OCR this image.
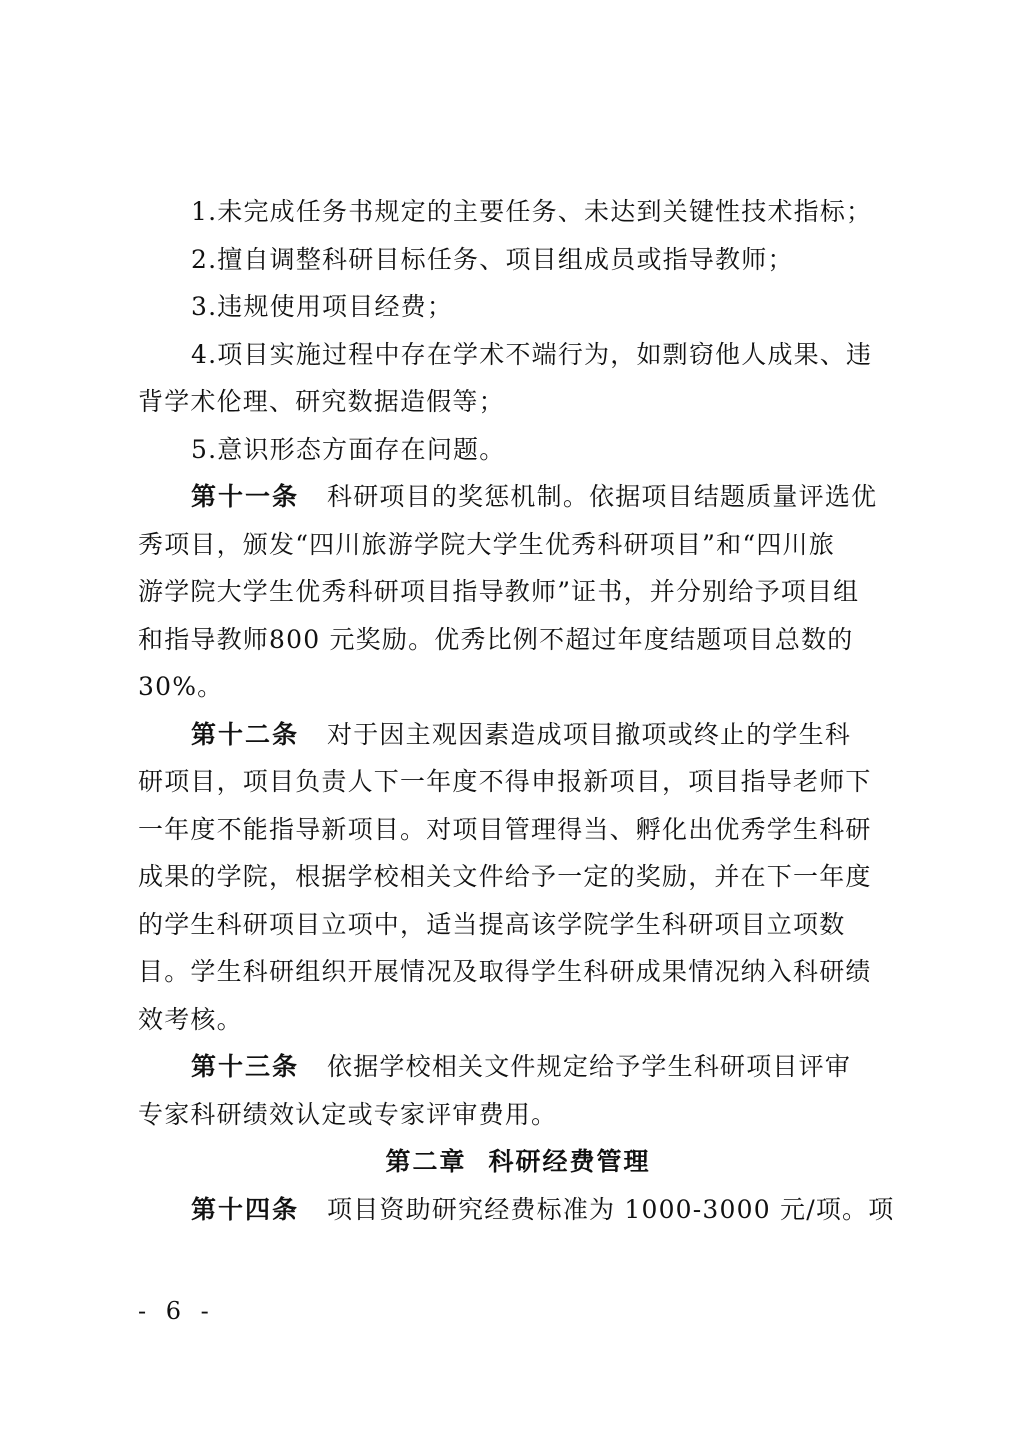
1.未完成任务书规定的主要任务、未达到关键性技术指标；
2.擅自调整科研目标任务、项目组成员或指导教师；
3.违规使用项目经费；
4.项目实施过程中存在学术不端行为，如剽窃他人成果、违
背学术伦理、研究数据造假等；
5.意识形态方面存在问题。
第十一条 科研项目的奖惩机制。依据项目结题质量评选优
秀项目，颁发“四川旅游学院大学生优秀科研项目”和“四川旅
游学院大学生优秀科研项目指导教师”证书，并分别给予项目组
和指导教师800 元奖励。优秀比例不超过年度结题项目总数的
30%。
第十二条 对于因主观因素造成项目撤项或终止的学生科
研项目，项目负责人下一年度不得申报新项目，项目指导老师下
一年度不能指导新项目。对项目管理得当、孵化出优秀学生科研
成果的学院，根据学校相关文件给予一定的奖励，并在下一年度
的学生科研项目立项中，适当提高该学院学生科研项目立项数
目。学生科研组织开展情况及取得学生科研成果情况纳入科研绩
效考核。
第十三条 依据学校相关文件规定给予学生科研项目评审
专家科研绩效认定或专家评审费用。
第二章 科研经费管理
第十四条 项目资助研究经费标准为 1000-3000 元/项。项
- 6 -
